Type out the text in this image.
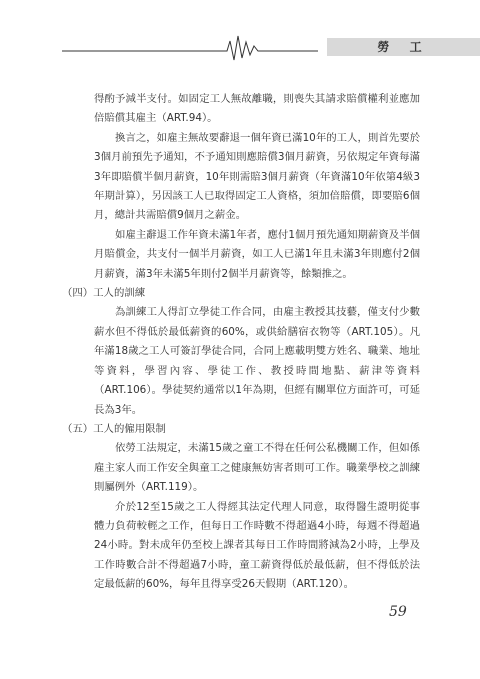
勞 工

得酌予減半支付。如固定工人無故離職，則喪失其請求賠償權利並應加倍賠償其雇主（ART.94）。

換言之，如雇主無故要辭退一個年資已滿10年的工人，則首先要於3個月前預先予通知，不予通知則應賠償3個月薪資，另依規定年資每滿3年即賠償半個月薪資，10年則需賠3個月薪資（年資滿10年依第4級3年期計算），另因該工人已取得固定工人資格，須加倍賠償，即要賠6個月，總計共需賠償9個月之薪金。

如雇主辭退工作年資未滿1年者，應付1個月預先通知期薪資及半個月賠償金，共支付一個半月薪資，如工人已滿1年且未滿3年則應付2個月薪資，滿3年未滿5年則付2個半月薪資等，餘類推之。

（四）工人的訓練

為訓練工人得訂立學徒工作合同，由雇主教授其技藝，僅支付少數薪水但不得低於最低薪資的60%，或供給膳宿衣物等（ART.105）。凡年滿18歲之工人可簽訂學徒合同，合同上應載明雙方姓名、職業、地址等資料，學習內容、學徒工作、教授時間地點、薪津等資料（ART.106）。學徒契約通常以1年為期，但經有關單位方面許可，可延長為3年。

（五）工人的僱用限制

依勞工法規定，未滿15歲之童工不得在任何公私機關工作，但如係雇主家人而工作安全與童工之健康無妨害者則可工作。職業學校之訓練則屬例外（ART.119）。

介於12至15歲之工人得經其法定代理人同意，取得醫生證明從事體力負荷較輕之工作，但每日工作時數不得超過4小時，每週不得超過24小時。對未成年仍至校上課者其每日工作時間將減為2小時，上學及工作時數合計不得超過7小時，童工薪資得低於最低薪，但不得低於法定最低薪的60%，每年且得享受26天假期（ART.120）。

59
